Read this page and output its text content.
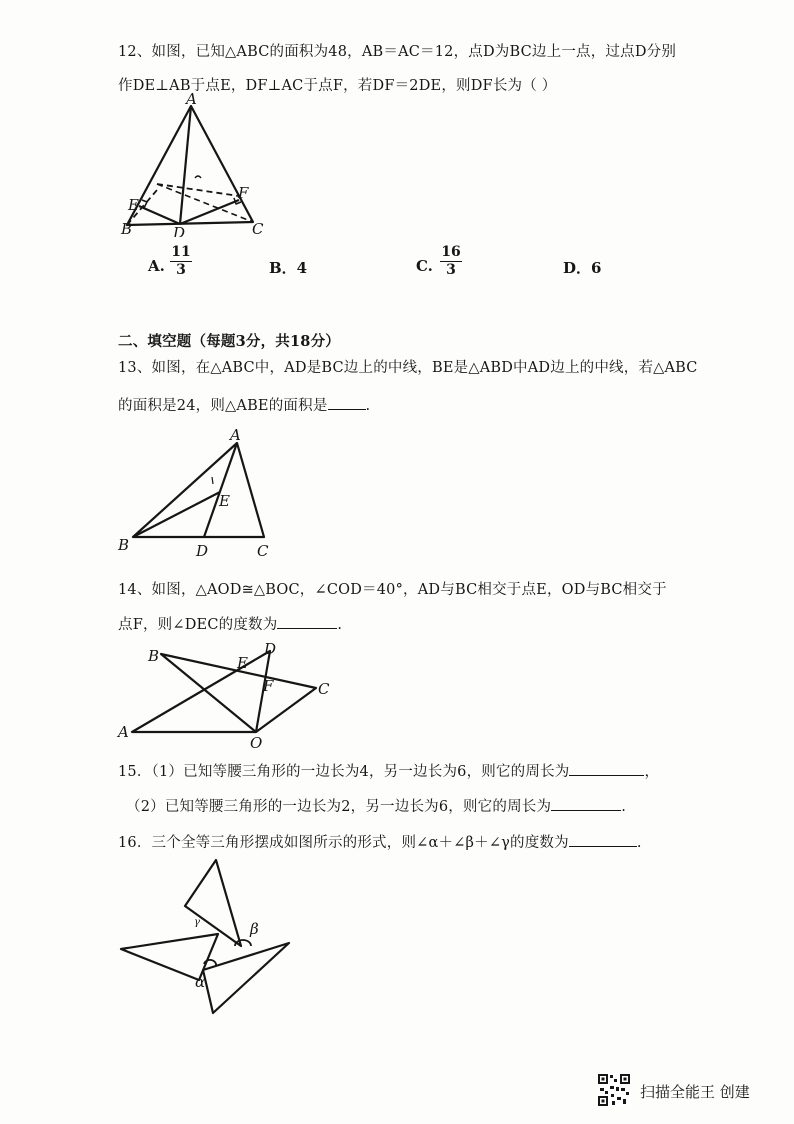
12、如图，已知△ABC的面积为48，AB＝AC＝12，点D为BC边上一点，过点D分别
作DE⊥AB于点E，DF⊥AC于点F，若DF＝2DE，则DF长为（ ）
A
B	C
D
E
F
A. $\frac{11}{3}$	B．4	C. $\frac{16}{3}$	D．6
二、填空题（每题3分，共18分）
13、如图，在△ABC中，AD是BC边上的中线，BE是△ABD中AD边上的中线，若△ABC
的面积是24，则△ABE的面积是	.
A
B	C
D
E
14、如图，△AOD≅△BOC，∠COD＝40°，AD与BC相交于点E，OD与BC相交于
点F，则∠DEC的度数为	.
A
B
C
D
E
F
O
15．（1）已知等腰三角形的一边长为4，另一边长为6，则它的周长为	，
（2）已知等腰三角形的一边长为2，另一边长为6，则它的周长为	.
16．三个全等三角形摆成如图所示的形式，则∠α＋∠β＋∠γ的度数为	.
β
α
γ
扫描全能王 创建
